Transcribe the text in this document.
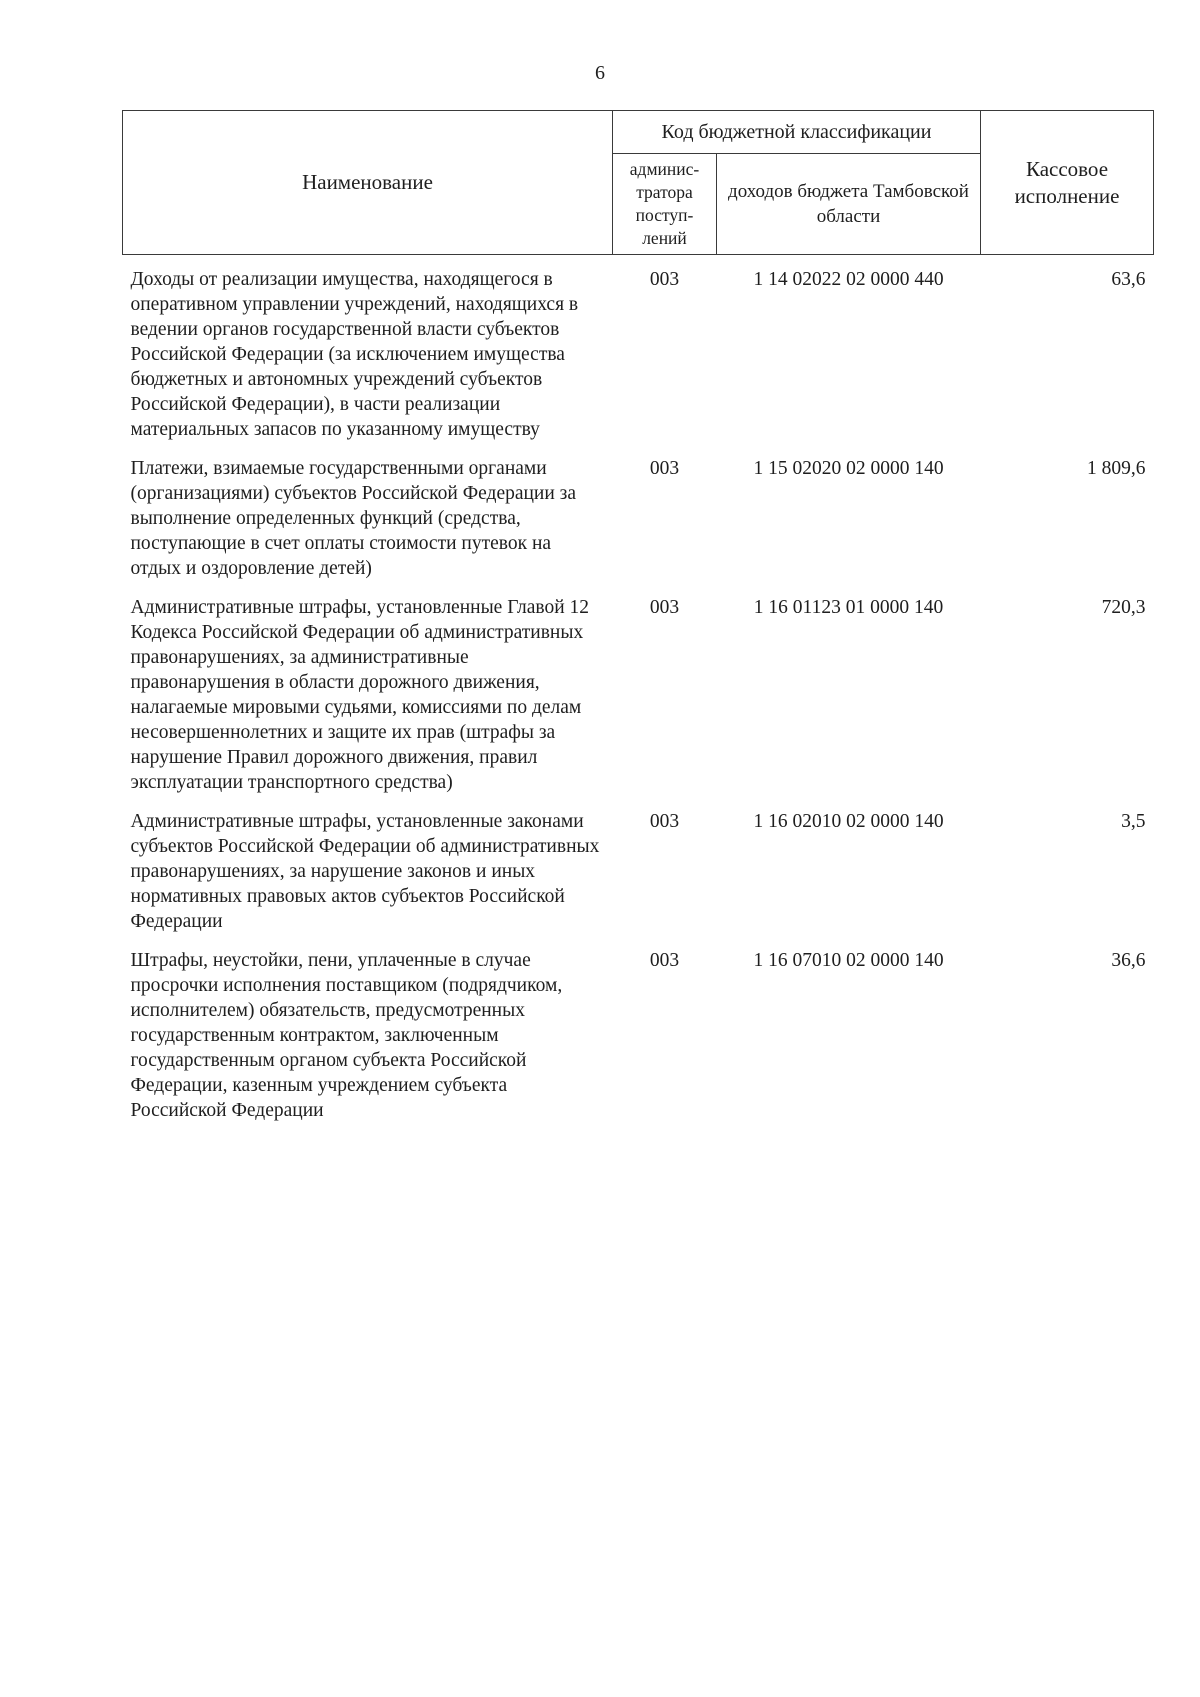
6
Наименование	Код бюджетной классификации		Кассовое исполнение
	админис-тратора поступ-лений	доходов бюджета Тамбовской области	
Доходы от реализации имущества, находящегося в оперативном управлении учреждений, находящихся в ведении органов государственной власти субъектов Российской Федерации (за исключением имущества бюджетных и автономных учреждений субъектов Российской Федерации), в части реализации материальных запасов по указанному имуществу	003	1 14 02022 02 0000 440	63,6
Платежи, взимаемые государственными органами (организациями) субъектов Российской Федерации за выполнение определенных функций (средства, поступающие в счет оплаты стоимости путевок на отдых и оздоровление детей)	003	1 15 02020 02 0000 140	1 809,6
Административные штрафы, установленные Главой 12 Кодекса Российской Федерации об административных правонарушениях, за административные правонарушения в области дорожного движения, налагаемые мировыми судьями, комиссиями по делам несовершеннолетних и защите их прав (штрафы за нарушение Правил дорожного движения, правил эксплуатации транспортного средства)	003	1 16 01123 01 0000 140	720,3
Административные штрафы, установленные законами субъектов Российской Федерации об административных правонарушениях, за нарушение законов и иных нормативных правовых актов субъектов Российской Федерации	003	1 16 02010 02 0000 140	3,5
Штрафы, неустойки, пени, уплаченные в случае просрочки исполнения поставщиком (подрядчиком, исполнителем) обязательств, предусмотренных государственным контрактом, заключенным государственным органом субъекта Российской Федерации, казенным учреждением субъекта Российской Федерации	003	1 16 07010 02 0000 140	36,6
